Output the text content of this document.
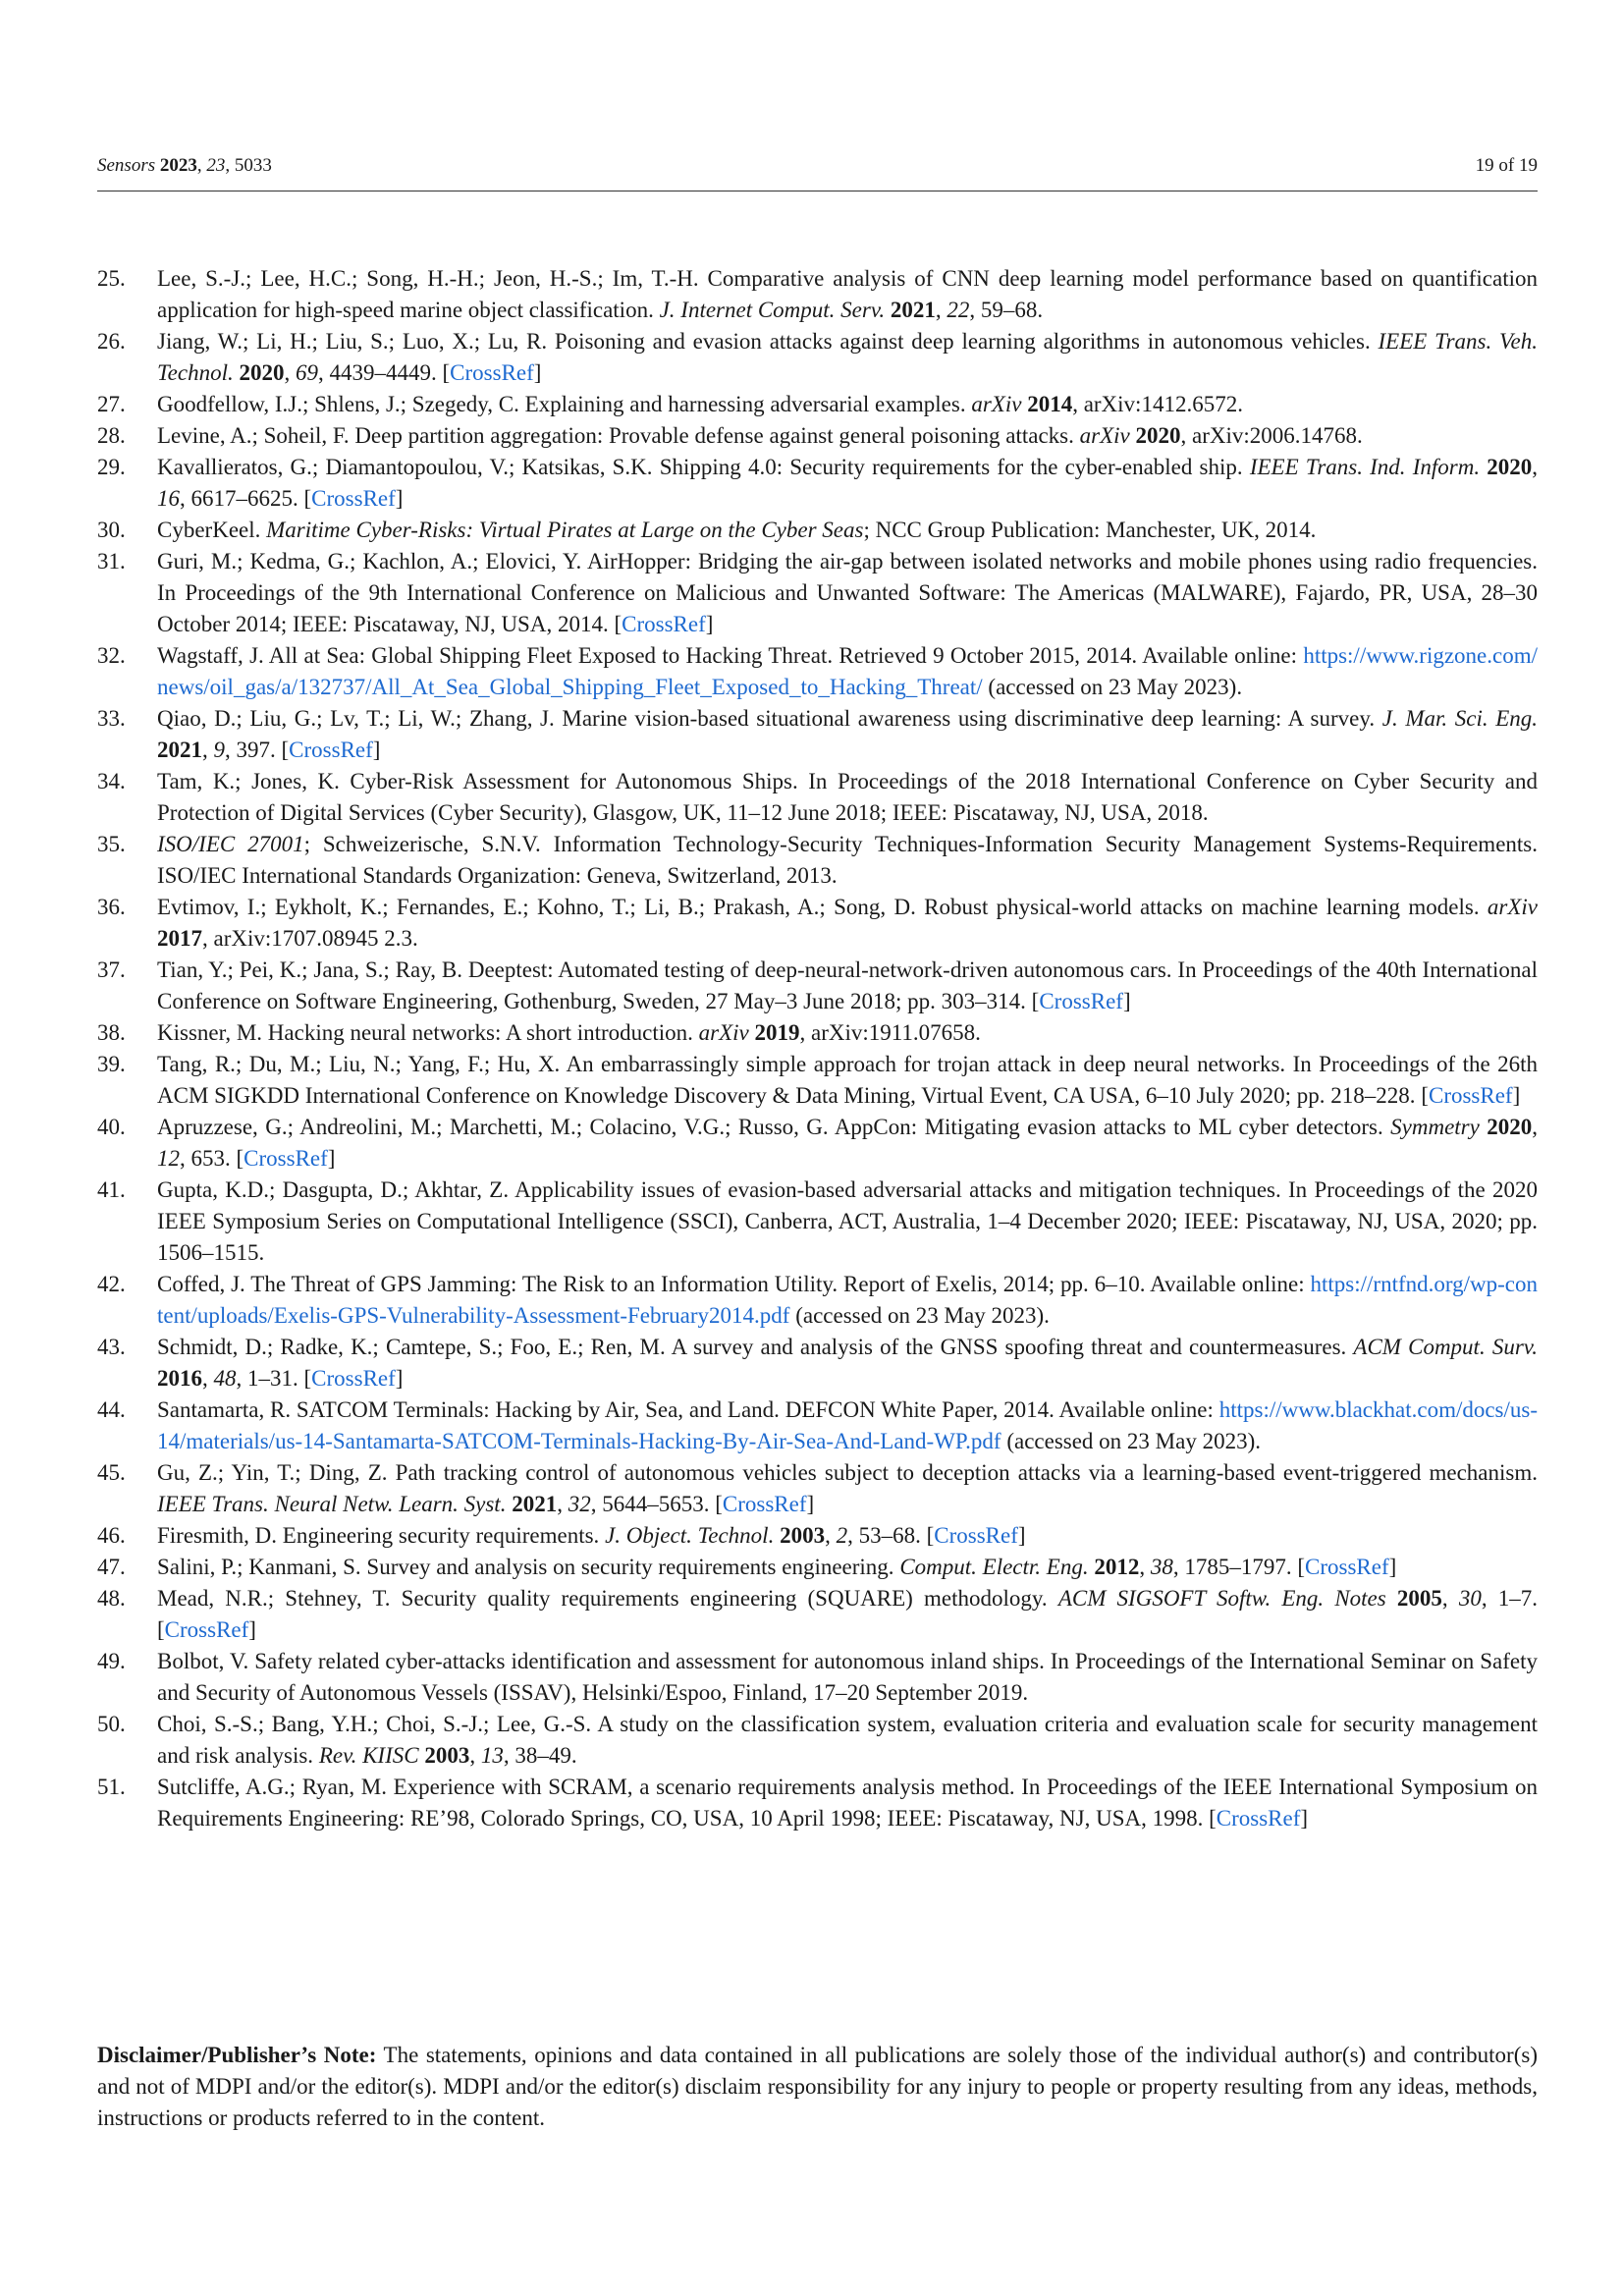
Sensors 2023, 23, 5033	19 of 19
25. Lee, S.-J.; Lee, H.C.; Song, H.-H.; Jeon, H.-S.; Im, T.-H. Comparative analysis of CNN deep learning model performance based on quantification application for high-speed marine object classification. J. Internet Comput. Serv. 2021, 22, 59–68.
26. Jiang, W.; Li, H.; Liu, S.; Luo, X.; Lu, R. Poisoning and evasion attacks against deep learning algorithms in autonomous vehicles. IEEE Trans. Veh. Technol. 2020, 69, 4439–4449. [CrossRef]
27. Goodfellow, I.J.; Shlens, J.; Szegedy, C. Explaining and harnessing adversarial examples. arXiv 2014, arXiv:1412.6572.
28. Levine, A.; Soheil, F. Deep partition aggregation: Provable defense against general poisoning attacks. arXiv 2020, arXiv:2006.14768.
29. Kavallieratos, G.; Diamantopoulou, V.; Katsikas, S.K. Shipping 4.0: Security requirements for the cyber-enabled ship. IEEE Trans. Ind. Inform. 2020, 16, 6617–6625. [CrossRef]
30. CyberKeel. Maritime Cyber-Risks: Virtual Pirates at Large on the Cyber Seas; NCC Group Publication: Manchester, UK, 2014.
31. Guri, M.; Kedma, G.; Kachlon, A.; Elovici, Y. AirHopper: Bridging the air-gap between isolated networks and mobile phones using radio frequencies. In Proceedings of the 9th International Conference on Malicious and Unwanted Software: The Americas (MALWARE), Fajardo, PR, USA, 28–30 October 2014; IEEE: Piscataway, NJ, USA, 2014. [CrossRef]
32. Wagstaff, J. All at Sea: Global Shipping Fleet Exposed to Hacking Threat. Retrieved 9 October 2015, 2014. Available online: https://www.rigzone.com/news/oil_gas/a/132737/All_At_Sea_Global_Shipping_Fleet_Exposed_to_Hacking_Threat/ (accessed on 23 May 2023).
33. Qiao, D.; Liu, G.; Lv, T.; Li, W.; Zhang, J. Marine vision-based situational awareness using discriminative deep learning: A survey. J. Mar. Sci. Eng. 2021, 9, 397. [CrossRef]
34. Tam, K.; Jones, K. Cyber-Risk Assessment for Autonomous Ships. In Proceedings of the 2018 International Conference on Cyber Security and Protection of Digital Services (Cyber Security), Glasgow, UK, 11–12 June 2018; IEEE: Piscataway, NJ, USA, 2018.
35. ISO/IEC 27001; Schweizerische, S.N.V. Information Technology-Security Techniques-Information Security Management Systems-Requirements. ISO/IEC International Standards Organization: Geneva, Switzerland, 2013.
36. Evtimov, I.; Eykholt, K.; Fernandes, E.; Kohno, T.; Li, B.; Prakash, A.; Song, D. Robust physical-world attacks on machine learning models. arXiv 2017, arXiv:1707.08945 2.3.
37. Tian, Y.; Pei, K.; Jana, S.; Ray, B. Deeptest: Automated testing of deep-neural-network-driven autonomous cars. In Proceedings of the 40th International Conference on Software Engineering, Gothenburg, Sweden, 27 May–3 June 2018; pp. 303–314. [CrossRef]
38. Kissner, M. Hacking neural networks: A short introduction. arXiv 2019, arXiv:1911.07658.
39. Tang, R.; Du, M.; Liu, N.; Yang, F.; Hu, X. An embarrassingly simple approach for trojan attack in deep neural networks. In Proceedings of the 26th ACM SIGKDD International Conference on Knowledge Discovery & Data Mining, Virtual Event, CA USA, 6–10 July 2020; pp. 218–228. [CrossRef]
40. Apruzzese, G.; Andreolini, M.; Marchetti, M.; Colacino, V.G.; Russo, G. AppCon: Mitigating evasion attacks to ML cyber detectors. Symmetry 2020, 12, 653. [CrossRef]
41. Gupta, K.D.; Dasgupta, D.; Akhtar, Z. Applicability issues of evasion-based adversarial attacks and mitigation techniques. In Proceedings of the 2020 IEEE Symposium Series on Computational Intelligence (SSCI), Canberra, ACT, Australia, 1–4 December 2020; IEEE: Piscataway, NJ, USA, 2020; pp. 1506–1515.
42. Coffed, J. The Threat of GPS Jamming: The Risk to an Information Utility. Report of Exelis, 2014; pp. 6–10. Available online: https://rntfnd.org/wp-content/uploads/Exelis-GPS-Vulnerability-Assessment-February2014.pdf (accessed on 23 May 2023).
43. Schmidt, D.; Radke, K.; Camtepe, S.; Foo, E.; Ren, M. A survey and analysis of the GNSS spoofing threat and countermeasures. ACM Comput. Surv. 2016, 48, 1–31. [CrossRef]
44. Santamarta, R. SATCOM Terminals: Hacking by Air, Sea, and Land. DEFCON White Paper, 2014. Available online: https://www.blackhat.com/docs/us-14/materials/us-14-Santamarta-SATCOM-Terminals-Hacking-By-Air-Sea-And-Land-WP.pdf (accessed on 23 May 2023).
45. Gu, Z.; Yin, T.; Ding, Z. Path tracking control of autonomous vehicles subject to deception attacks via a learning-based event-triggered mechanism. IEEE Trans. Neural Netw. Learn. Syst. 2021, 32, 5644–5653. [CrossRef]
46. Firesmith, D. Engineering security requirements. J. Object. Technol. 2003, 2, 53–68. [CrossRef]
47. Salini, P.; Kanmani, S. Survey and analysis on security requirements engineering. Comput. Electr. Eng. 2012, 38, 1785–1797. [CrossRef]
48. Mead, N.R.; Stehney, T. Security quality requirements engineering (SQUARE) methodology. ACM SIGSOFT Softw. Eng. Notes 2005, 30, 1–7. [CrossRef]
49. Bolbot, V. Safety related cyber-attacks identification and assessment for autonomous inland ships. In Proceedings of the International Seminar on Safety and Security of Autonomous Vessels (ISSAV), Helsinki/Espoo, Finland, 17–20 September 2019.
50. Choi, S.-S.; Bang, Y.H.; Choi, S.-J.; Lee, G.-S. A study on the classification system, evaluation criteria and evaluation scale for security management and risk analysis. Rev. KIISC 2003, 13, 38–49.
51. Sutcliffe, A.G.; Ryan, M. Experience with SCRAM, a scenario requirements analysis method. In Proceedings of the IEEE International Symposium on Requirements Engineering: RE’98, Colorado Springs, CO, USA, 10 April 1998; IEEE: Piscataway, NJ, USA, 1998. [CrossRef]
Disclaimer/Publisher’s Note: The statements, opinions and data contained in all publications are solely those of the individual author(s) and contributor(s) and not of MDPI and/or the editor(s). MDPI and/or the editor(s) disclaim responsibility for any injury to people or property resulting from any ideas, methods, instructions or products referred to in the content.
